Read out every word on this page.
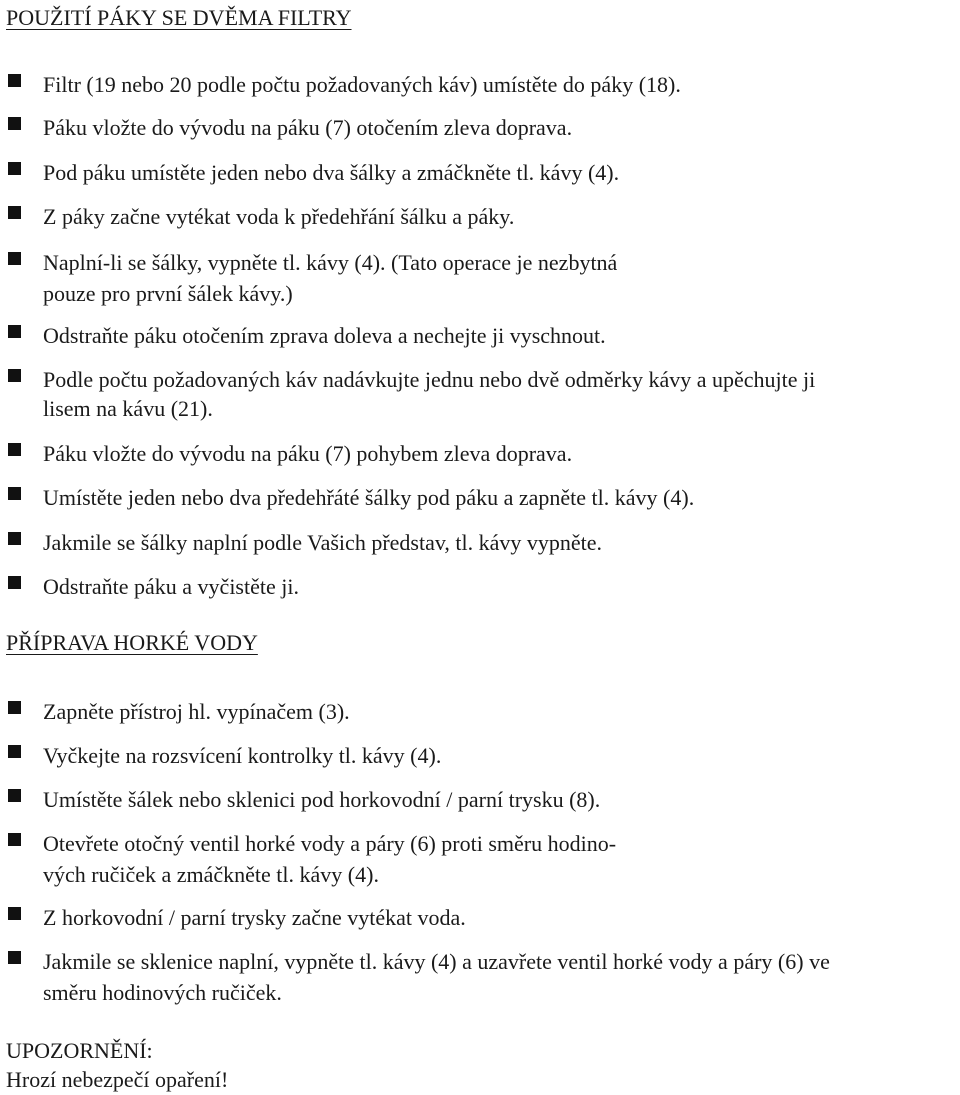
POUŽITÍ PÁKY SE DVĚMA FILTRY
Filtr (19 nebo 20 podle počtu požadovaných káv) umístěte do páky (18).
Páku vložte do vývodu na páku (7) otočením zleva doprava.
Pod páku umístěte jeden nebo dva šálky a zmáčkněte tl. kávy (4).
Z páky začne vytékat voda k předehřání šálku a páky.
Naplní-li se šálky, vypněte tl. kávy (4). (Tato operace je nezbytná
pouze pro první šálek kávy.)
Odstraňte páku otočením zprava doleva a nechejte ji vyschnout.
Podle počtu požadovaných káv nadávkujte jednu nebo dvě odměrky kávy a upěchujte ji
lisem na kávu (21).
Páku vložte do vývodu na páku (7) pohybem zleva doprava.
Umístěte jeden nebo dva předehřáté šálky pod páku a zapněte tl. kávy (4).
Jakmile se šálky naplní podle Vašich představ, tl. kávy vypněte.
Odstraňte páku a vyčistěte ji.
PŘÍPRAVA HORKÉ VODY
Zapněte přístroj hl. vypínačem (3).
Vyčkejte na rozsvícení kontrolky tl. kávy (4).
Umístěte šálek nebo sklenici pod horkovodní / parní trysku (8).
Otevřete otočný ventil horké vody a páry (6) proti směru hodino-
vých ručiček a zmáčkněte tl. kávy (4).
Z horkovodní / parní trysky začne vytékat voda.
Jakmile se sklenice naplní, vypněte tl. kávy (4) a uzavřete ventil horké vody a páry (6) ve
směru hodinových ručiček.
UPOZORNĚNÍ:
Hrozí nebezpečí opaření!
